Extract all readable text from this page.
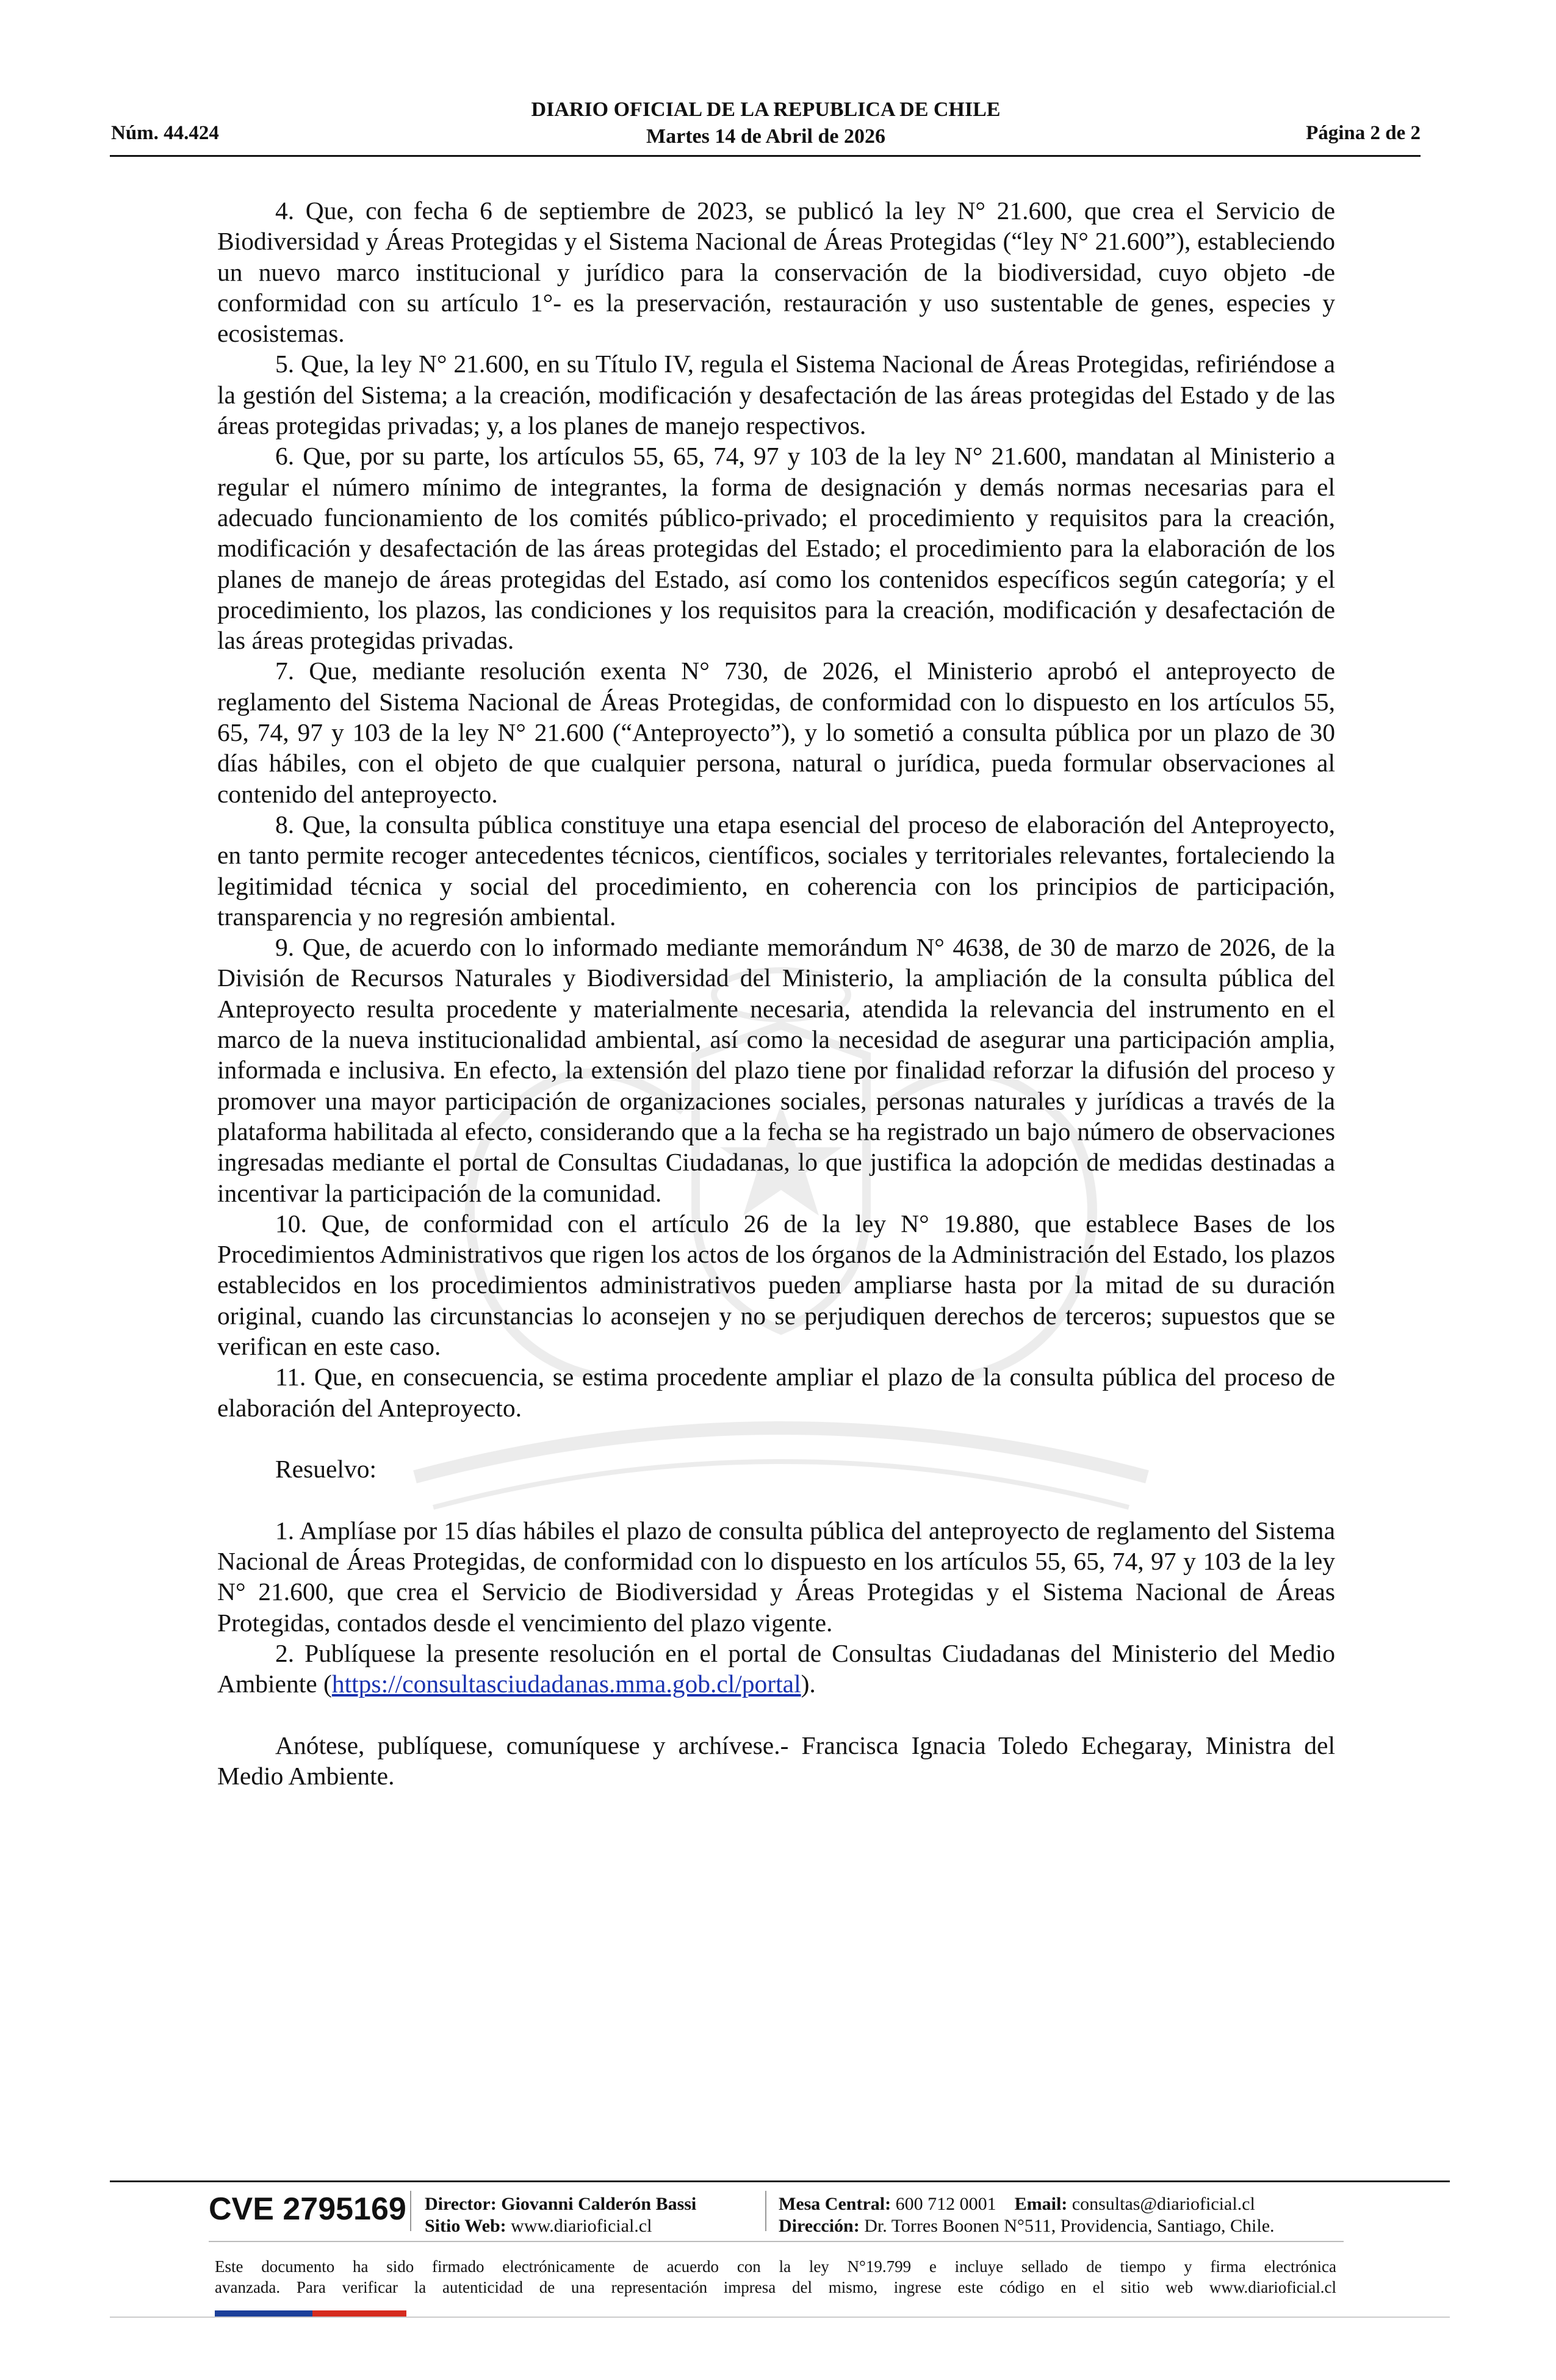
Núm. 44.424
DIARIO OFICIAL DE LA REPUBLICA DE CHILE
Martes 14 de Abril de 2026	Página 2 de 2

4. Que, con fecha 6 de septiembre de 2023, se publicó la ley N° 21.600, que crea el Servicio de Biodiversidad y Áreas Protegidas y el Sistema Nacional de Áreas Protegidas (“ley N° 21.600”), estableciendo un nuevo marco institucional y jurídico para la conservación de la biodiversidad, cuyo objeto -de conformidad con su artículo 1°- es la preservación, restauración y uso sustentable de genes, especies y ecosistemas.

5. Que, la ley N° 21.600, en su Título IV, regula el Sistema Nacional de Áreas Protegidas, refiriéndose a la gestión del Sistema; a la creación, modificación y desafectación de las áreas protegidas del Estado y de las áreas protegidas privadas; y, a los planes de manejo respectivos.

6. Que, por su parte, los artículos 55, 65, 74, 97 y 103 de la ley N° 21.600, mandatan al Ministerio a regular el número mínimo de integrantes, la forma de designación y demás normas necesarias para el adecuado funcionamiento de los comités público-privado; el procedimiento y requisitos para la creación, modificación y desafectación de las áreas protegidas del Estado; el procedimiento para la elaboración de los planes de manejo de áreas protegidas del Estado, así como los contenidos específicos según categoría; y el procedimiento, los plazos, las condiciones y los requisitos para la creación, modificación y desafectación de las áreas protegidas privadas.

7. Que, mediante resolución exenta N° 730, de 2026, el Ministerio aprobó el anteproyecto de reglamento del Sistema Nacional de Áreas Protegidas, de conformidad con lo dispuesto en los artículos 55, 65, 74, 97 y 103 de la ley N° 21.600 (“Anteproyecto”), y lo sometió a consulta pública por un plazo de 30 días hábiles, con el objeto de que cualquier persona, natural o jurídica, pueda formular observaciones al contenido del anteproyecto.

8. Que, la consulta pública constituye una etapa esencial del proceso de elaboración del Anteproyecto, en tanto permite recoger antecedentes técnicos, científicos, sociales y territoriales relevantes, fortaleciendo la legitimidad técnica y social del procedimiento, en coherencia con los principios de participación, transparencia y no regresión ambiental.

9. Que, de acuerdo con lo informado mediante memorándum N° 4638, de 30 de marzo de 2026, de la División de Recursos Naturales y Biodiversidad del Ministerio, la ampliación de la consulta pública del Anteproyecto resulta procedente y materialmente necesaria, atendida la relevancia del instrumento en el marco de la nueva institucionalidad ambiental, así como la necesidad de asegurar una participación amplia, informada e inclusiva. En efecto, la extensión del plazo tiene por finalidad reforzar la difusión del proceso y promover una mayor participación de organizaciones sociales, personas naturales y jurídicas a través de la plataforma habilitada al efecto, considerando que a la fecha se ha registrado un bajo número de observaciones ingresadas mediante el portal de Consultas Ciudadanas, lo que justifica la adopción de medidas destinadas a incentivar la participación de la comunidad.

10. Que, de conformidad con el artículo 26 de la ley N° 19.880, que establece Bases de los Procedimientos Administrativos que rigen los actos de los órganos de la Administración del Estado, los plazos establecidos en los procedimientos administrativos pueden ampliarse hasta por la mitad de su duración original, cuando las circunstancias lo aconsejen y no se perjudiquen derechos de terceros; supuestos que se verifican en este caso.

11. Que, en consecuencia, se estima procedente ampliar el plazo de la consulta pública del proceso de elaboración del Anteproyecto.

Resuelvo:

1. Amplíase por 15 días hábiles el plazo de consulta pública del anteproyecto de reglamento del Sistema Nacional de Áreas Protegidas, de conformidad con lo dispuesto en los artículos 55, 65, 74, 97 y 103 de la ley N° 21.600, que crea el Servicio de Biodiversidad y Áreas Protegidas y el Sistema Nacional de Áreas Protegidas, contados desde el vencimiento del plazo vigente.

2. Publíquese la presente resolución en el portal de Consultas Ciudadanas del Ministerio del Medio Ambiente (https://consultasciudadanas.mma.gob.cl/portal).

Anótese, publíquese, comuníquese y archívese.- Francisca Ignacia Toledo Echegaray, Ministra del Medio Ambiente.

CVE 2795169 Director: Giovanni Calderón Bassi
Sitio Web: www.diarioficial.cl
Mesa Central: 600 712 0001 Email: consultas@diarioficial.cl
Dirección: Dr. Torres Boonen N°511, Providencia, Santiago, Chile.
Este documento ha sido firmado electrónicamente de acuerdo con la ley N°19.799 e incluye sellado de tiempo y firma electrónica
avanzada. Para verificar la autenticidad de una representación impresa del mismo, ingrese este código en el sitio web www.diarioficial.cl
